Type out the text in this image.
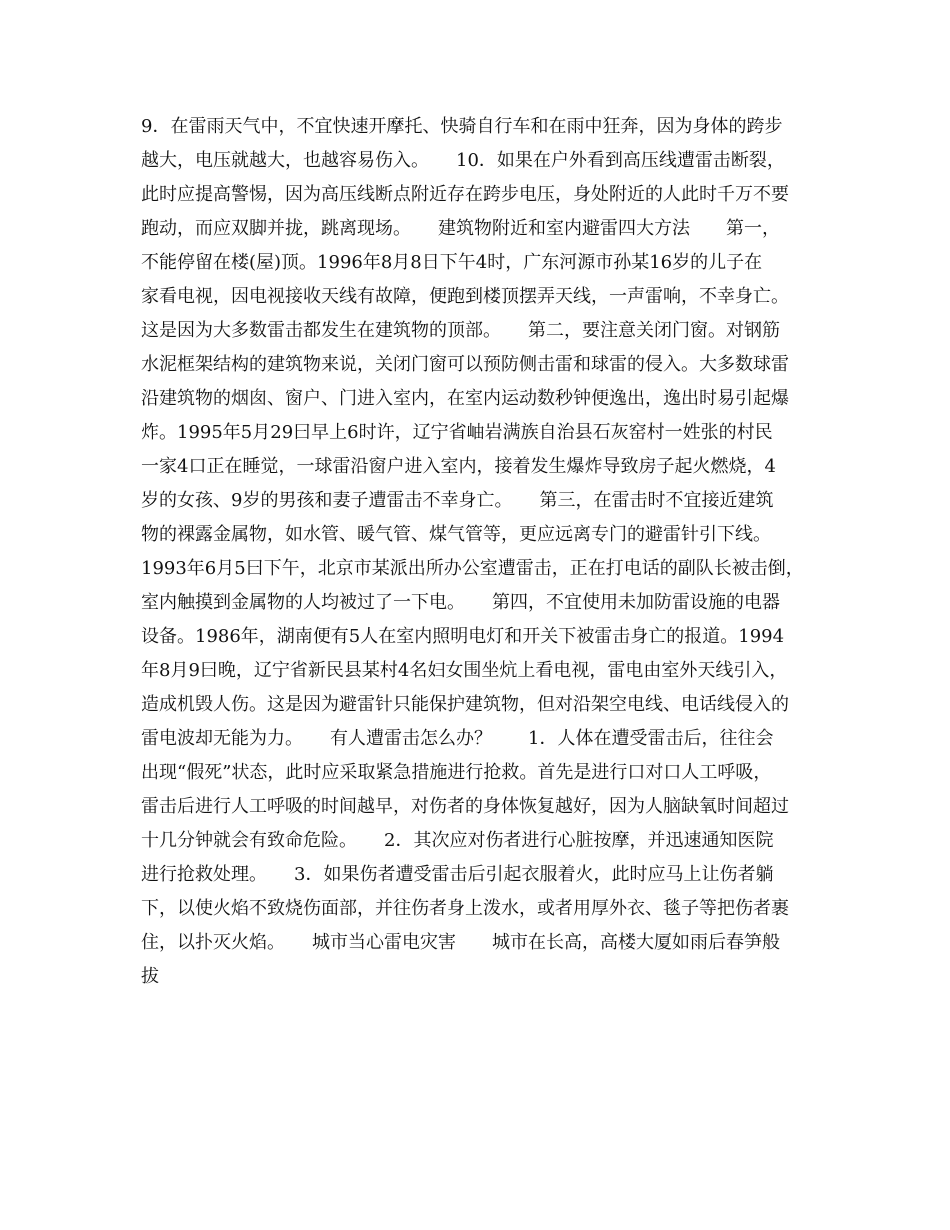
9．在雷雨天气中，不宜快速开摩托、快骑自行车和在雨中狂奔，因为身体的跨步
越大，电压就越大，也越容易伤入。　　10．如果在户外看到高压线遭雷击断裂，
此时应提高警惕，因为高压线断点附近存在跨步电压，身处附近的人此时千万不要
跑动，而应双脚并拢，跳离现场。　　建筑物附近和室内避雷四大方法　　第一，
不能停留在楼(屋)顶。1996年8月8日下午4时，广东河源市孙某16岁的儿子在
家看电视，因电视接收天线有故障，便跑到楼顶摆弄天线，一声雷响，不幸身亡。
这是因为大多数雷击都发生在建筑物的顶部。　　第二，要注意关闭门窗。对钢筋
水泥框架结构的建筑物来说，关闭门窗可以预防侧击雷和球雷的侵入。大多数球雷
沿建筑物的烟囱、窗户、门进入室内，在室内运动数秒钟便逸出，逸出时易引起爆
炸。1995年5月29曰早上6时许，辽宁省岫岩满族自治县石灰窑村一姓张的村民
一家4口正在睡觉，一球雷沿窗户进入室内，接着发生爆炸导致房子起火燃烧，4
岁的女孩、9岁的男孩和妻子遭雷击不幸身亡。　　第三，在雷击时不宜接近建筑
物的裸露金属物，如水管、暖气管、煤气管等，更应远离专门的避雷针引下线。
1993年6月5曰下午，北京市某派出所办公室遭雷击，正在打电话的副队长被击倒，
室内触摸到金属物的人均被过了一下电。　　第四，不宜使用未加防雷设施的电器
设备。1986年，湖南便有5人在室内照明电灯和开关下被雷击身亡的报道。1994
年8月9曰晚，辽宁省新民县某村4名妇女围坐炕上看电视，雷电由室外天线引入，
造成机毁人伤。这是因为避雷针只能保护建筑物，但对沿架空电线、电话线侵入的
雷电波却无能为力。　　有人遭雷击怎么办？　　1．人体在遭受雷击后，往往会
出现“假死”状态，此时应采取紧急措施进行抢救。首先是进行口对口人工呼吸，
雷击后进行人工呼吸的时间越早，对伤者的身体恢复越好，因为人脑缺氧时间超过
十几分钟就会有致命危险。　　2．其次应对伤者进行心脏按摩，并迅速通知医院
进行抢救处理。　　3．如果伤者遭受雷击后引起衣服着火，此时应马上让伤者躺
下，以使火焰不致烧伤面部，并往伤者身上泼水，或者用厚外衣、毯子等把伤者裹
住，以扑灭火焰。　　城市当心雷电灾害　　城市在长高，高楼大厦如雨后春笋般
拔
